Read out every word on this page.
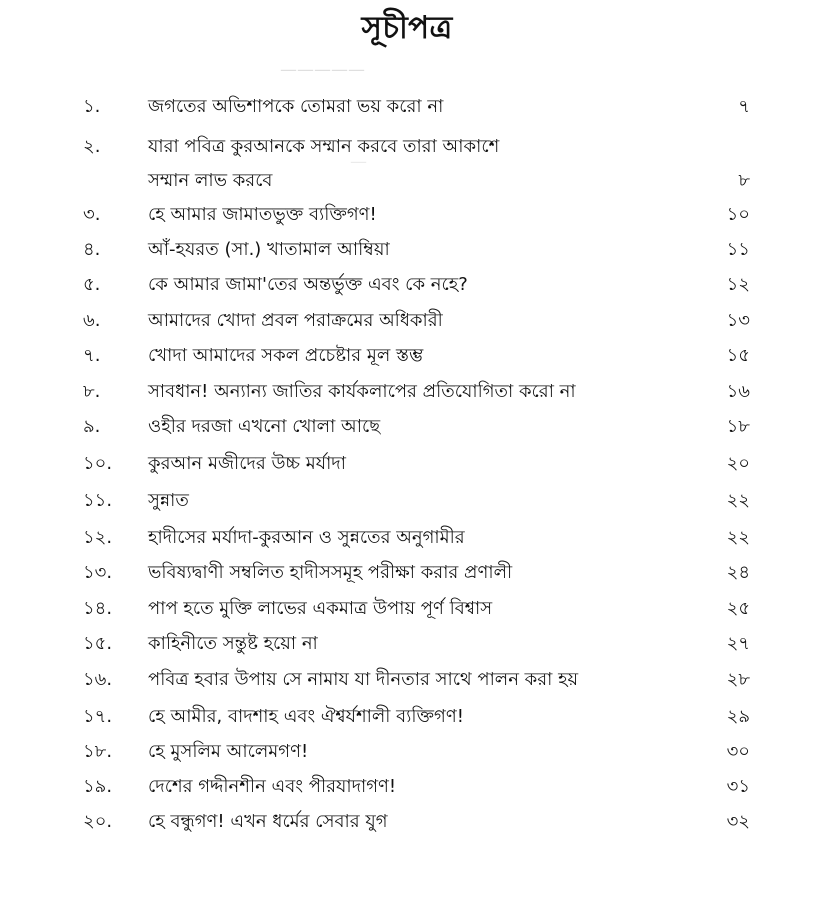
—————
—
সূচীপত্র
১.	জগতের অভিশাপকে তোমরা ভয় করো না	৭
২.	যারা পবিত্র কুরআনকে সম্মান করবে তারা আকাশে
সম্মান লাভ করবে	৮
৩.	হে আমার জামাতভুক্ত ব্যক্তিগণ!	১০
৪.	আঁ-হযরত (সা.) খাতামাল আম্বিয়া	১১
৫.	কে আমার জামা'তের অন্তর্ভুক্ত এবং কে নহে?	১২
৬.	আমাদের খোদা প্রবল পরাক্রমের অধিকারী	১৩
৭.	খোদা আমাদের সকল প্রচেষ্টার মূল স্তম্ভ	১৫
৮.	সাবধান! অন্যান্য জাতির কার্যকলাপের প্রতিযোগিতা করো না	১৬
৯.	ওহীর দরজা এখনো খোলা আছে	১৮
১০.	কুরআন মজীদের উচ্চ মর্যাদা	২০
১১.	সুন্নাত	২২
১২.	হাদীসের মর্যাদা-কুরআন ও সুন্নতের অনুগামীর	২২
১৩.	ভবিষ্যদ্বাণী সম্বলিত হাদীসসমূহ পরীক্ষা করার প্রণালী	২৪
১৪.	পাপ হতে মুক্তি লাভের একমাত্র উপায় পূর্ণ বিশ্বাস	২৫
১৫.	কাহিনীতে সন্তুষ্ট হয়ো না	২৭
১৬.	পবিত্র হবার উপায় সে নামায যা দীনতার সাথে পালন করা হয়	২৮
১৭.	হে আমীর, বাদশাহ এবং ঐশ্বর্যশালী ব্যক্তিগণ!	২৯
১৮.	হে মুসলিম আলেমগণ!	৩০
১৯.	দেশের গদ্দীনশীন এবং পীরযাদাগণ!	৩১
২০.	হে বন্ধুগণ! এখন ধর্মের সেবার যুগ	৩২
